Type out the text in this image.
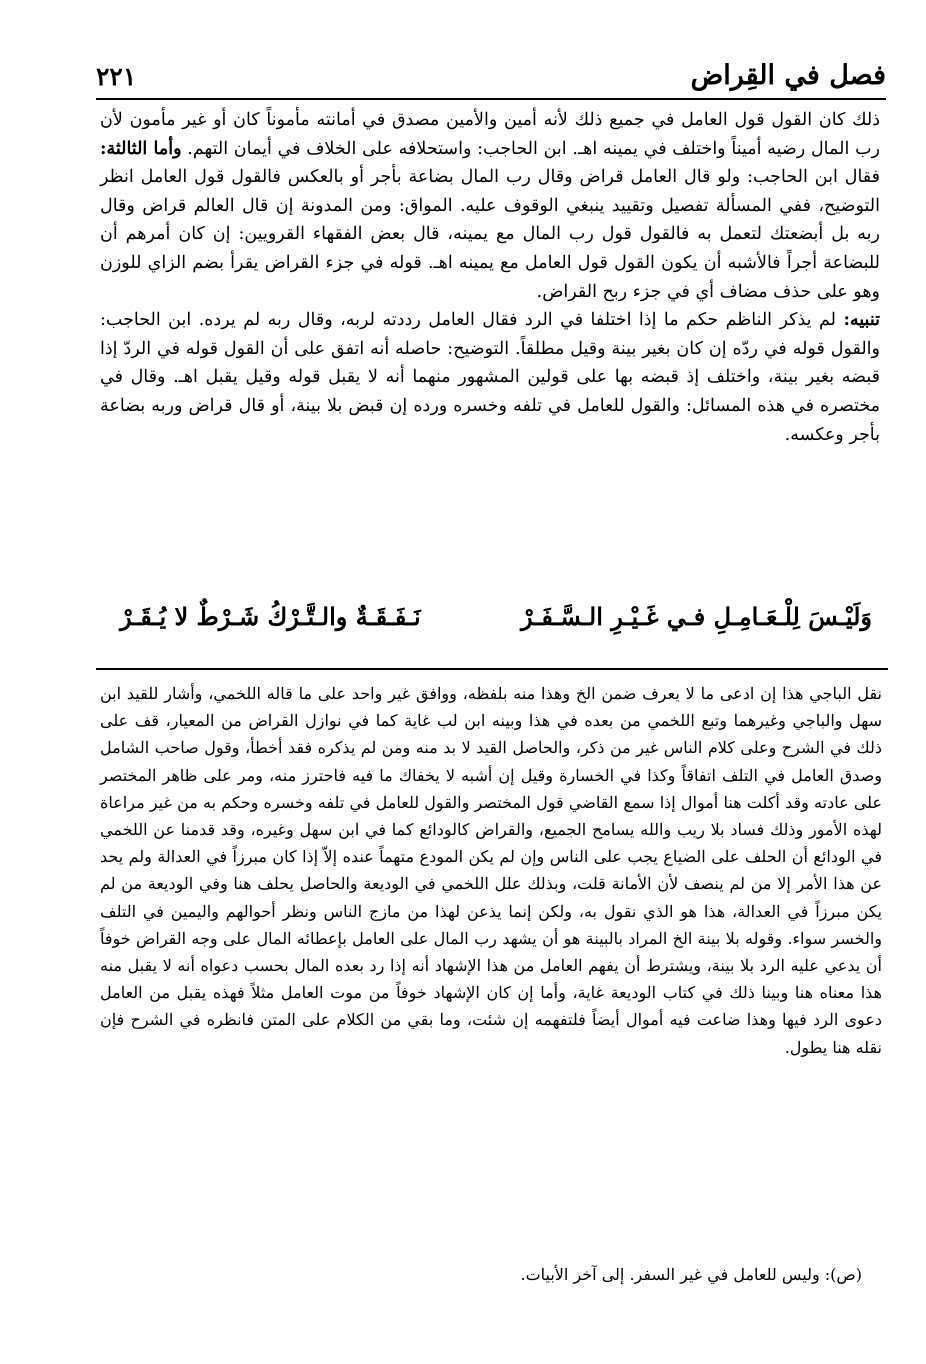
فصل في القِراض
٢٢١

ذلك كان القول قول العامل في جميع ذلك لأنه أمين والأمين مصدق في أمانته مأموناً كان أو غير مأمون لأن رب المال رضيه أميناً واختلف في يمينه اهـ. ابن الحاجب: واستحلافه على الخلاف في أيمان التهم. وأما الثالثة: فقال ابن الحاجب: ولو قال العامل قراض وقال رب المال بضاعة بأجر أو بالعكس فالقول قول العامل انظر التوضيح، ففي المسألة تفصيل وتقييد ينبغي الوقوف عليه. المواق: ومن المدونة إن قال العالم قراض وقال ربه بل أبضعتك لتعمل به فالقول قول رب المال مع يمينه، قال بعض الفقهاء القرويين: إن كان أمرهم أن للبضاعة أجراً فالأشبه أن يكون القول قول العامل مع يمينه اهـ. قوله في جزء القراض يقرأ بضم الزاي للوزن وهو على حذف مضاف أي في جزء ربح القراض.

تنبيه: لم يذكر الناظم حكم ما إذا اختلفا في الرد فقال العامل رددته لربه، وقال ربه لم يرده. ابن الحاجب: والقول قوله في ردّه إن كان بغير بينة وقيل مطلقاً. التوضيح: حاصله أنه اتفق على أن القول قوله في الردّ إذا قبضه بغير بينة، واختلف إذ قبضه بها على قولين المشهور منهما أنه لا يقبل قوله وقيل يقبل اهـ. وقال في مختصره في هذه المسائل: والقول للعامل في تلفه وخسره ورده إن قبض بلا بينة، أو قال قراض وربه بضاعة بأجر وعكسه.

وَلَيْـسَ لِلْـعَـامِـلِ فـي غَـيْـرِ الـسَّـفَـرْ
نَـفَـقَـةٌ والـتَّـرْكُ شَـرْطٌ لا يُـقَـرْ

نقل الباجي هذا إن ادعى ما لا يعرف ضمن الخ وهذا منه بلفظه، ووافق غير واحد على ما قاله اللخمي، وأشار للقيد ابن سهل والباجي وغيرهما وتبع اللخمي من بعده في هذا وبينه ابن لب غاية كما في نوازل القراض من المعيار، قف على ذلك في الشرح وعلى كلام الناس غير من ذكر، والحاصل القيد لا بد منه ومن لم يذكره فقد أخطأ، وقول صاحب الشامل وصدق العامل في التلف اتفاقاً وكذا في الخسارة وقيل إن أشبه لا يخفاك ما فيه فاحترز منه، ومر على ظاهر المختصر على عادته وقد أكلت هنا أموال إذا سمع القاضي قول المختصر والقول للعامل في تلفه وخسره وحكم به من غير مراعاة لهذه الأمور وذلك فساد بلا ريب والله يسامح الجميع، والقراض كالودائع كما في ابن سهل وغيره، وقد قدمنا عن اللخمي في الودائع أن الحلف على الضياع يجب على الناس وإن لم يكن المودع متهماً عنده إلاّ إذا كان مبرزاً في العدالة ولم يحد عن هذا الأمر إلا من لم ينصف لأن الأمانة قلت، وبذلك علل اللخمي في الوديعة والحاصل يحلف هنا وفي الوديعة من لم يكن مبرزاً في العدالة، هذا هو الذي نقول به، ولكن إنما يذعن لهذا من مازج الناس ونظر أحوالهم واليمين في التلف والخسر سواء. وقوله بلا بينة الخ المراد بالبينة هو أن يشهد رب المال على العامل بإعطائه المال على وجه القراض خوفاً أن يدعي عليه الرد بلا بينة، ويشترط أن يفهم العامل من هذا الإشهاد أنه إذا رد بعده المال بحسب دعواه أنه لا يقبل منه هذا معناه هنا وبينا ذلك في كتاب الوديعة غاية، وأما إن كان الإشهاد خوفاً من موت العامل مثلاً فهذه يقبل من العامل دعوى الرد فيها وهذا ضاعت فيه أموال أيضاً فلتفهمه إن شئت، وما بقي من الكلام على المتن فانظره في الشرح فإن نقله هنا يطول.

(ص): وليس للعامل في غير السفر. إلى آخر الأبيات.
